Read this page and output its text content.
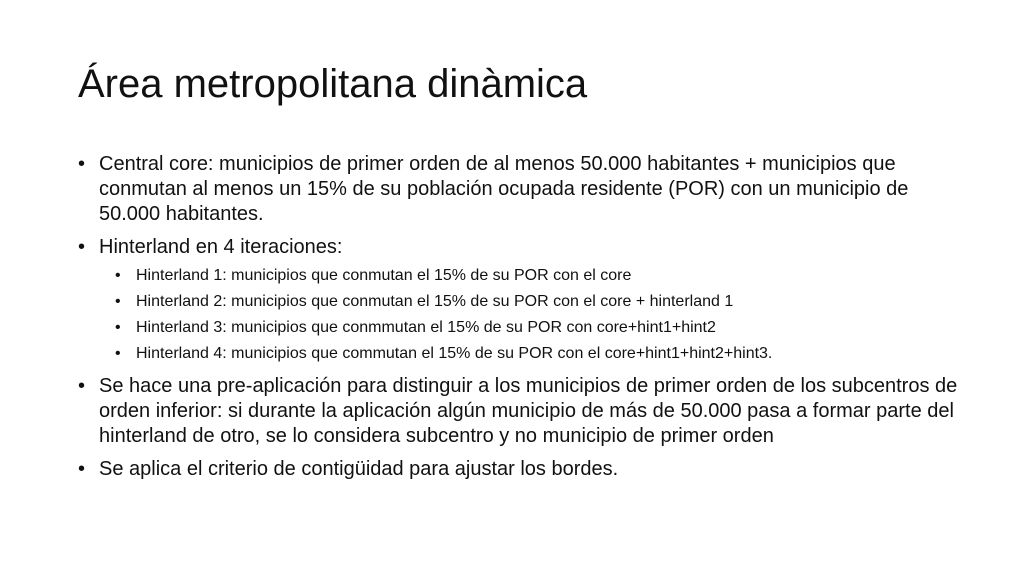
Área metropolitana dinàmica
• Central core: municipios de primer orden de al menos 50.000 habitantes + municipios que conmutan al menos un 15% de su población ocupada residente (POR) con un municipio de 50.000 habitantes.
• Hinterland en 4 iteraciones:
• Hinterland 1: municipios que conmutan el 15% de su POR con el core
• Hinterland 2: municipios que conmutan el 15% de su POR con el core + hinterland 1
• Hinterland 3: municipios que conmmutan el 15% de su POR con core+hint1+hint2
• Hinterland 4: municipios que commutan el 15% de su POR con el core+hint1+hint2+hint3.
• Se hace una pre-aplicación para distinguir a los municipios de primer orden de los subcentros de orden inferior: si durante la aplicación algún municipio de más de 50.000 pasa a formar parte del hinterland de otro, se lo considera subcentro y no municipio de primer orden
• Se aplica el criterio de contigüidad para ajustar los bordes.
